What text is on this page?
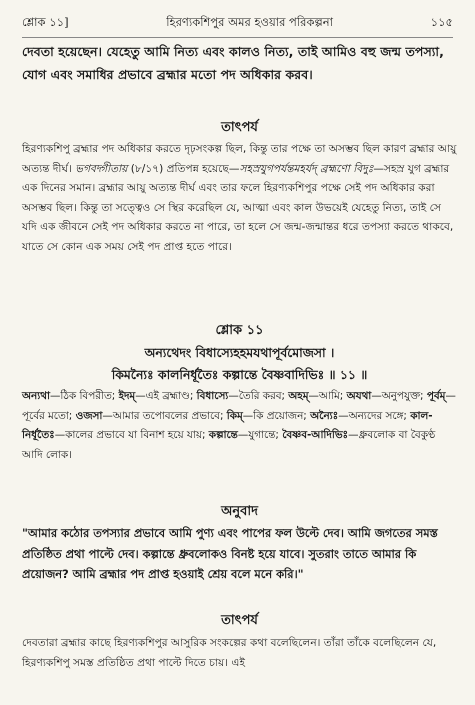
শ্লোক ১১]	হিরণ্যকশিপুর অমর হওয়ার পরিকল্পনা	১১৫
দেবতা হয়েছেন। যেহেতু আমি নিত্য এবং কালও নিত্য, তাই আমিও বহু জন্ম তপস্যা, যোগ এবং সমাধির প্রভাবে ব্রহ্মার মতো পদ অধিকার করব।
তাৎপর্য

হিরণ্যকশিপু ব্রহ্মার পদ অধিকার করতে দৃঢ়সংকল্প ছিল, কিন্তু তার পক্ষে তা অসম্ভব ছিল কারণ ব্রহ্মার আয়ু অত্যন্ত দীর্ঘ। ভগবদ্গীতায় (৮/১৭) প্রতিপন্ন হয়েছে—সহস্রযুগপর্যন্তমহর্যদ্ ব্রহ্মণো বিদুঃ—সহস্র যুগ ব্রহ্মার এক দিনের সমান। ব্রহ্মার আয়ু অত্যন্ত দীর্ঘ এবং তার ফলে হিরণ্যকশিপুর পক্ষে সেই পদ অধিকার করা অসম্ভব ছিল। কিন্তু তা সত্ত্বেও সে স্থির করেছিল যে, আত্মা এবং কাল উভয়েই যেহেতু নিত্য, তাই সে যদি এক জীবনে সেই পদ অধিকার করতে না পারে, তা হলে সে জন্ম-জন্মান্তর ধরে তপস্যা করতে থাকবে, যাতে সে কোন এক সময় সেই পদ প্রাপ্ত হতে পারে।

শ্লোক ১১
অন্যথেদং বিধাস্যেহহমযথাপূর্বমোজসা ।
কিমন্যৈঃ কালনির্ধূতৈঃ কল্পান্তে বৈষ্ণবাদিভিঃ ॥ ১১ ॥
অন্যথা—ঠিক বিপরীত; ইদম্—এই ব্রহ্মাণ্ড; বিধাস্যে—তৈরি করব; অহম্—আমি; অযথা—অনুপযুক্ত; পূর্বম্—পূর্বের মতো; ওজসা—আমার তপোবলের প্রভাবে; কিম্—কি প্রয়োজন; অন্যৈঃ—অন্যদের সঙ্গে; কাল-নির্ধূতৈঃ—কালের প্রভাবে যা বিনাশ হয়ে যায়; কল্পান্তে—যুগান্তে; বৈষ্ণব-আদিভিঃ—ধ্রুবলোক বা বৈকুণ্ঠ আদি লোক।
অনুবাদ

"আমার কঠোর তপস্যার প্রভাবে আমি পুণ্য এবং পাপের ফল উল্টে দেব। আমি জগতের সমস্ত প্রতিষ্ঠিত প্রথা পাল্টে দেব। কল্পান্তে ধ্রুবলোকও বিনষ্ট হয়ে যাবে। সুতরাং তাতে আমার কি প্রয়োজন? আমি ব্রহ্মার পদ প্রাপ্ত হওয়াই শ্রেয় বলে মনে করি।"

তাৎপর্য

দেবতারা ব্রহ্মার কাছে হিরণ্যকশিপুর আসুরিক সংকল্পের কথা বলেছিলেন। তাঁরা তাঁকে বলেছিলেন যে, হিরণ্যকশিপু সমস্ত প্রতিষ্ঠিত প্রথা পাল্টে দিতে চায়। এই
